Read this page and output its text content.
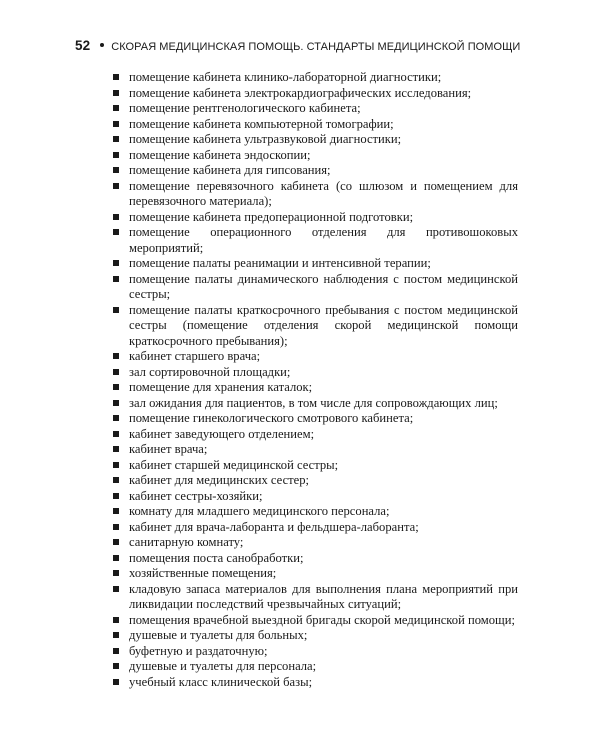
52 СКОРАЯ МЕДИЦИНСКАЯ ПОМОЩЬ. СТАНДАРТЫ МЕДИЦИНСКОЙ ПОМОЩИ
помещение кабинета клинико-лабораторной диагностики;
помещение кабинета электрокардиографических исследования;
помещение рентгенологического кабинета;
помещение кабинета компьютерной томографии;
помещение кабинета ультразвуковой диагностики;
помещение кабинета эндоскопии;
помещение кабинета для гипсования;
помещение перевязочного кабинета (со шлюзом и помещением для перевязочного материала);
помещение кабинета предоперационной подготовки;
помещение операционного отделения для противошоковых мероприятий;
помещение палаты реанимации и интенсивной терапии;
помещение палаты динамического наблюдения с постом медицинской сестры;
помещение палаты краткосрочного пребывания с постом медицинской сестры (помещение отделения скорой медицинской помощи краткосрочного пребывания);
кабинет старшего врача;
зал сортировочной площадки;
помещение для хранения каталок;
зал ожидания для пациентов, в том числе для сопровождающих лиц;
помещение гинекологического смотрового кабинета;
кабинет заведующего отделением;
кабинет врача;
кабинет старшей медицинской сестры;
кабинет для медицинских сестер;
кабинет сестры-хозяйки;
комнату для младшего медицинского персонала;
кабинет для врача-лаборанта и фельдшера-лаборанта;
санитарную комнату;
помещения поста санобработки;
хозяйственные помещения;
кладовую запаса материалов для выполнения плана мероприятий при ликвидации последствий чрезвычайных ситуаций;
помещения врачебной выездной бригады скорой медицинской помощи;
душевые и туалеты для больных;
буфетную и раздаточную;
душевые и туалеты для персонала;
учебный класс клинической базы;
